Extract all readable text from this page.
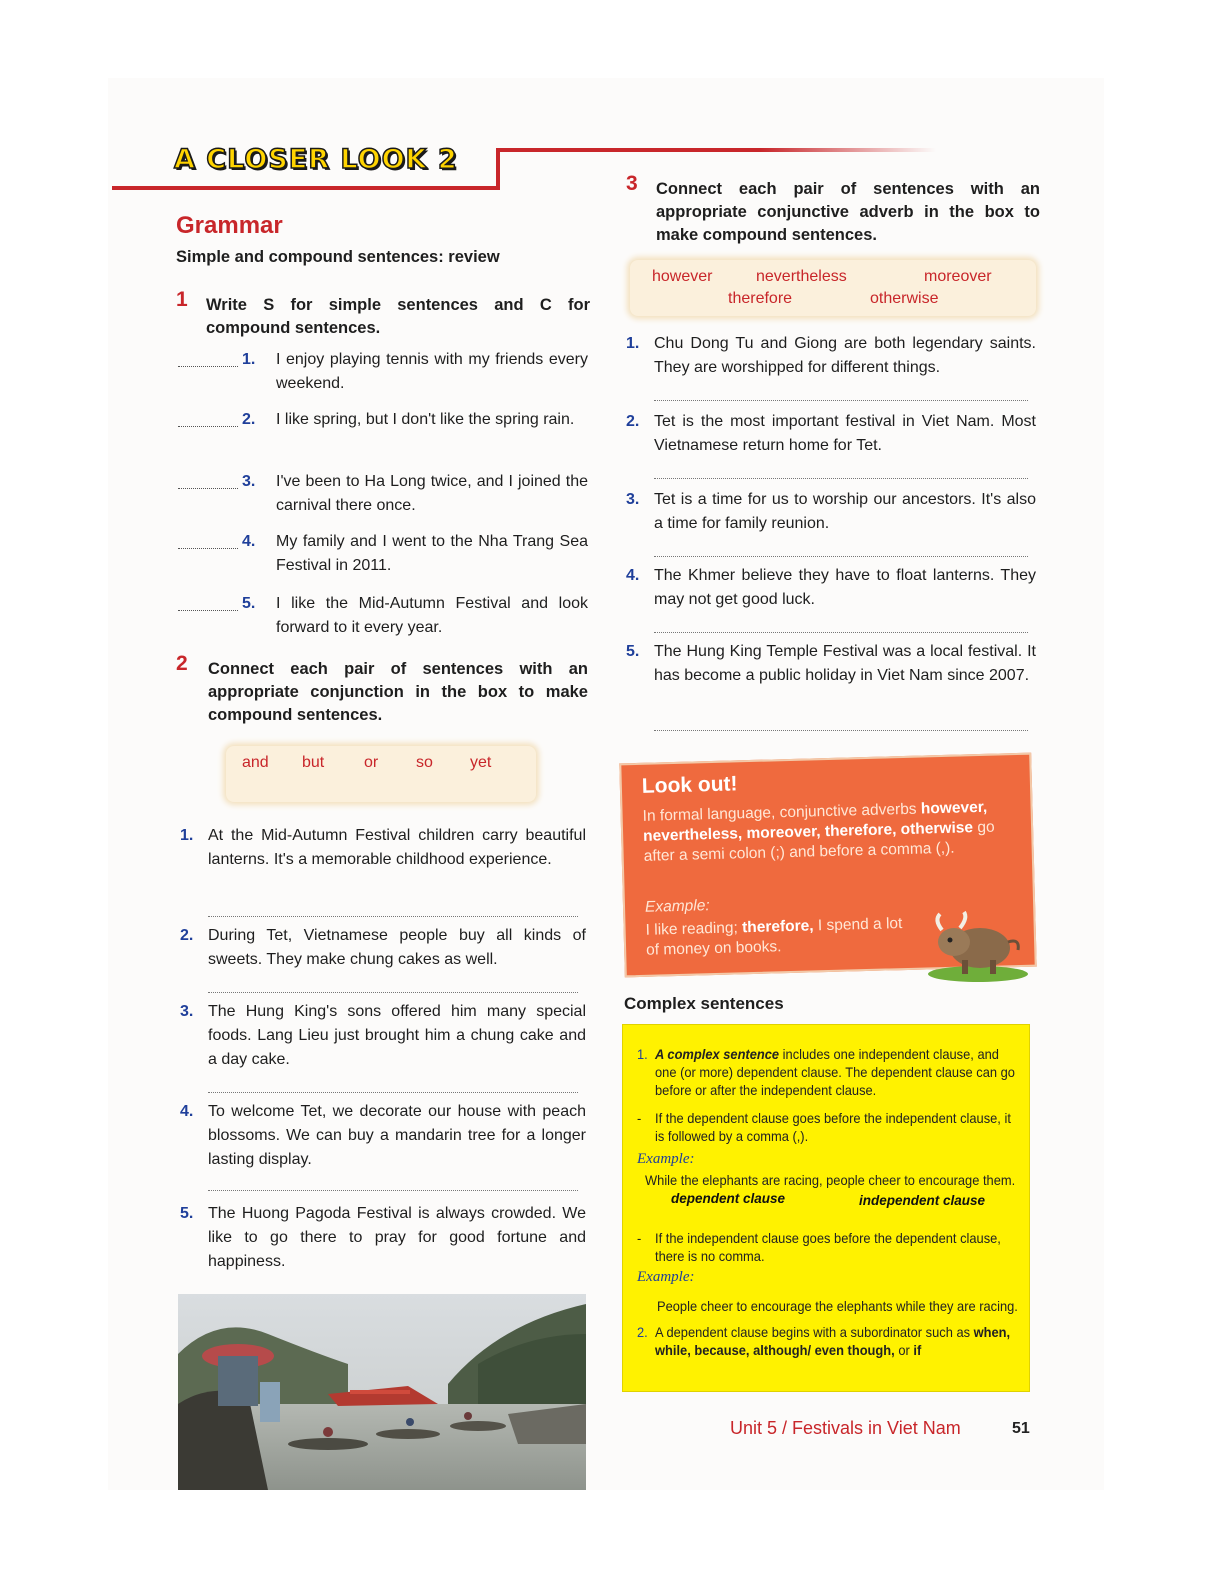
A CLOSER LOOK 2
Grammar
Simple and compound sentences: review
1 Write S for simple sentences and C for compound sentences.
1. I enjoy playing tennis with my friends every weekend.
2. I like spring, but I don't like the spring rain.
3. I've been to Ha Long twice, and I joined the carnival there once.
4. My family and I went to the Nha Trang Sea Festival in 2011.
5. I like the Mid-Autumn Festival and look forward to it every year.
2 Connect each pair of sentences with an appropriate conjunction in the box to make compound sentences.
and but or so yet
1. At the Mid-Autumn Festival children carry beautiful lanterns. It's a memorable childhood experience.
2. During Tet, Vietnamese people buy all kinds of sweets. They make chung cakes as well.
3. The Hung King's sons offered him many special foods. Lang Lieu just brought him a chung cake and a day cake.
4. To welcome Tet, we decorate our house with peach blossoms. We can buy a mandarin tree for a longer lasting display.
5. The Huong Pagoda Festival is always crowded. We like to go there to pray for good fortune and happiness.
3 Connect each pair of sentences with an appropriate conjunctive adverb in the box to make compound sentences.
however	nevertheless	moreover
therefore	otherwise
1. Chu Dong Tu and Giong are both legendary saints. They are worshipped for different things.
2. Tet is the most important festival in Viet Nam. Most Vietnamese return home for Tet.
3. Tet is a time for us to worship our ancestors. It's also a time for family reunion.
4. The Khmer believe they have to float lanterns. They may not get good luck.
5. The Hung King Temple Festival was a local festival. It has become a public holiday in Viet Nam since 2007.
Look out!
In formal language, conjunctive adverbs however, nevertheless, moreover, therefore, otherwise go after a semi colon (;) and before a comma (,).
Example:
I like reading; therefore, I spend a lot of money on books.
Complex sentences
1. A complex sentence includes one independent clause, and one (or more) dependent clause. The dependent clause can go before or after the independent clause.
- If the dependent clause goes before the independent clause, it is followed by a comma (,).
Example:
While the elephants are racing, people cheer to encourage them.
dependent clause	independent clause
- If the independent clause goes before the dependent clause, there is no comma.
Example:
People cheer to encourage the elephants while they are racing.
2. A dependent clause begins with a subordinator such as when, while, because, although/ even though, or if
Unit 5 / Festivals in Viet Nam	51
